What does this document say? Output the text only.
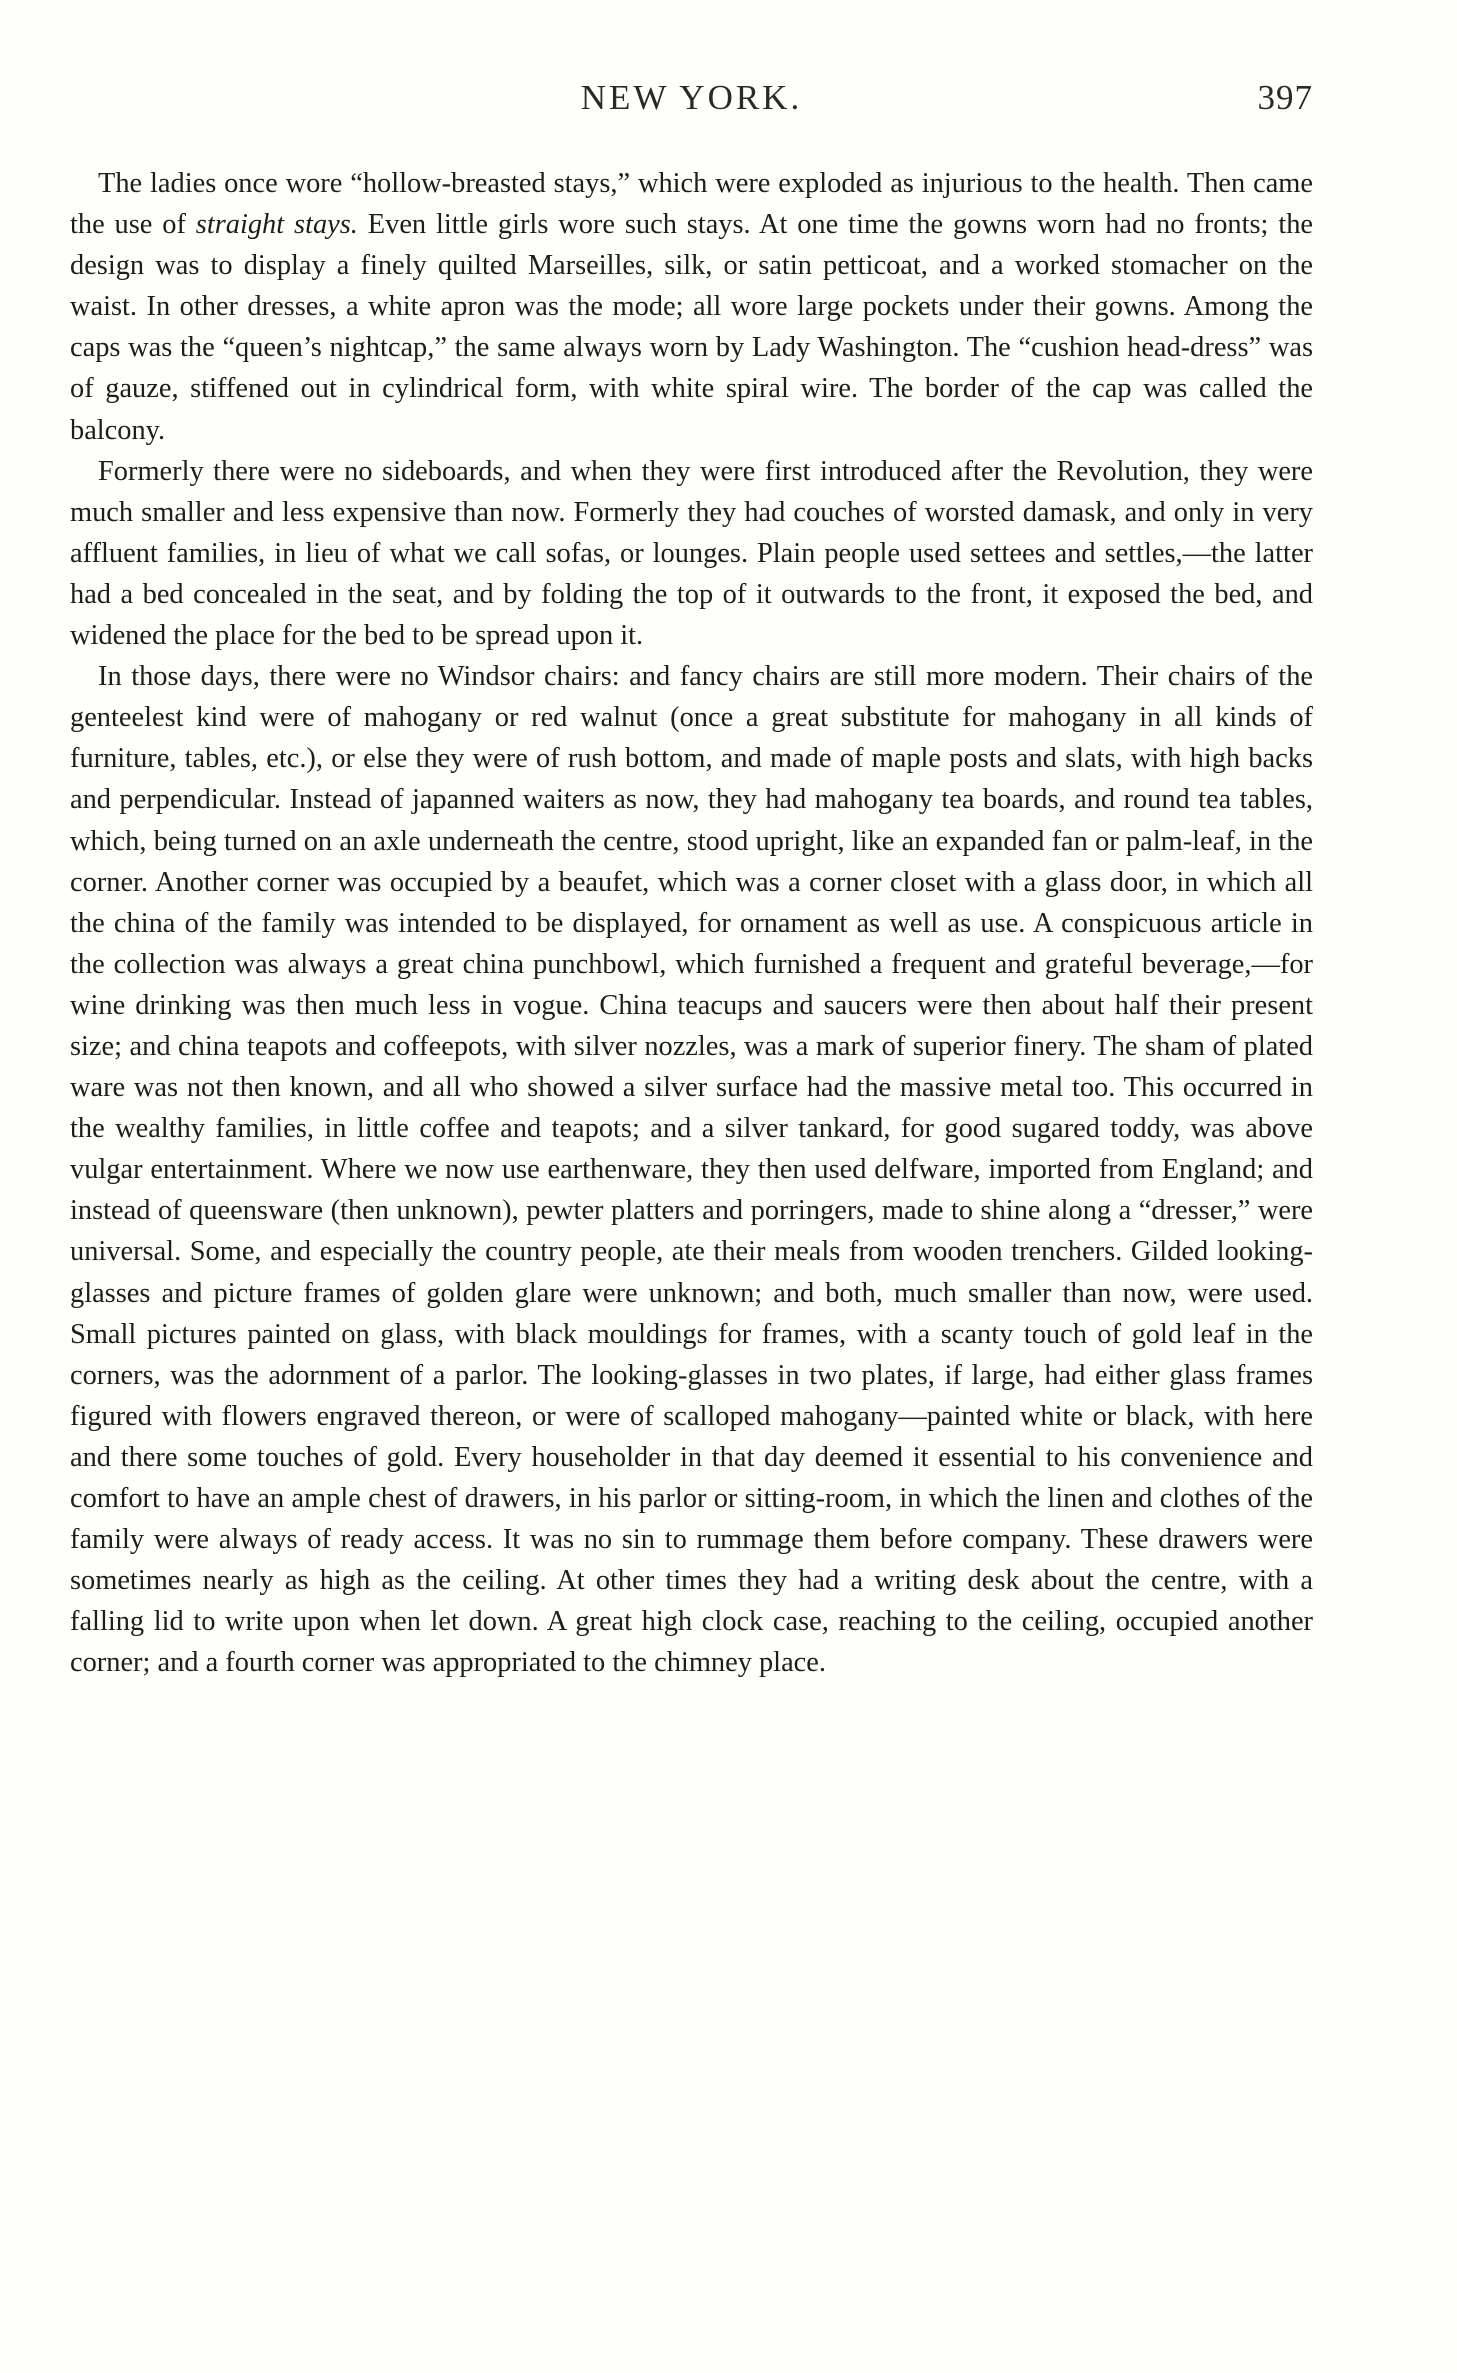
NEW YORK.	397

The ladies once wore “hollow-breasted stays,” which were exploded as injurious to the health. Then came the use of straight stays. Even little girls wore such stays. At one time the gowns worn had no fronts; the design was to display a finely quilted Marseilles, silk, or satin petticoat, and a worked stomacher on the waist. In other dresses, a white apron was the mode; all wore large pockets under their gowns. Among the caps was the “queen’s nightcap,” the same always worn by Lady Washington. The “cushion head-dress” was of gauze, stiffened out in cylindrical form, with white spiral wire. The border of the cap was called the balcony.

Formerly there were no sideboards, and when they were first introduced after the Revolution, they were much smaller and less expensive than now. Formerly they had couches of worsted damask, and only in very affluent families, in lieu of what we call sofas, or lounges. Plain people used settees and settles,—the latter had a bed concealed in the seat, and by folding the top of it outwards to the front, it exposed the bed, and widened the place for the bed to be spread upon it.

In those days, there were no Windsor chairs: and fancy chairs are still more modern. Their chairs of the genteelest kind were of mahogany or red walnut (once a great substitute for mahogany in all kinds of furniture, tables, etc.), or else they were of rush bottom, and made of maple posts and slats, with high backs and perpendicular. Instead of japanned waiters as now, they had mahogany tea boards, and round tea tables, which, being turned on an axle underneath the centre, stood upright, like an expanded fan or palm-leaf, in the corner. Another corner was occupied by a beaufet, which was a corner closet with a glass door, in which all the china of the family was intended to be displayed, for ornament as well as use. A conspicuous article in the collection was always a great china punchbowl, which furnished a frequent and grateful beverage,—for wine drinking was then much less in vogue. China teacups and saucers were then about half their present size; and china teapots and coffeepots, with silver nozzles, was a mark of superior finery. The sham of plated ware was not then known, and all who showed a silver surface had the massive metal too. This occurred in the wealthy families, in little coffee and teapots; and a silver tankard, for good sugared toddy, was above vulgar entertainment. Where we now use earthenware, they then used delfware, imported from England; and instead of queensware (then unknown), pewter platters and porringers, made to shine along a “dresser,” were universal. Some, and especially the country people, ate their meals from wooden trenchers. Gilded looking-glasses and picture frames of golden glare were unknown; and both, much smaller than now, were used. Small pictures painted on glass, with black mouldings for frames, with a scanty touch of gold leaf in the corners, was the adornment of a parlor. The looking-glasses in two plates, if large, had either glass frames figured with flowers engraved thereon, or were of scalloped mahogany—painted white or black, with here and there some touches of gold. Every householder in that day deemed it essential to his convenience and comfort to have an ample chest of drawers, in his parlor or sitting-room, in which the linen and clothes of the family were always of ready access. It was no sin to rummage them before company. These drawers were sometimes nearly as high as the ceiling. At other times they had a writing desk about the centre, with a falling lid to write upon when let down. A great high clock case, reaching to the ceiling, occupied another corner; and a fourth corner was appropriated to the chimney place.
